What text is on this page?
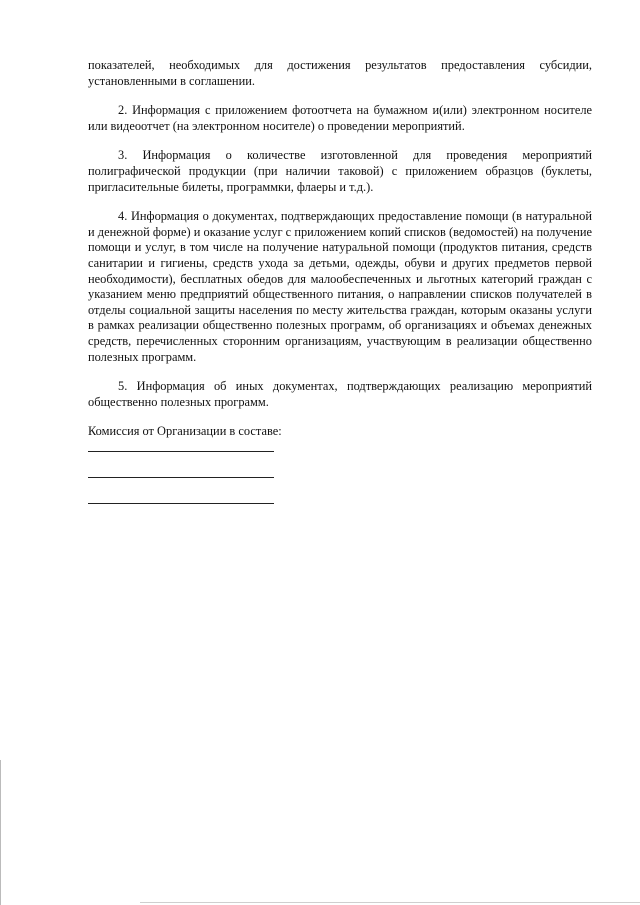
показателей, необходимых для достижения результатов предоставления субсидии, установленными в соглашении.

2. Информация с приложением фотоотчета на бумажном и(или) электронном носителе или видеоотчет (на электронном носителе) о проведении мероприятий.

3. Информация о количестве изготовленной для проведения мероприятий полиграфической продукции (при наличии таковой) с приложением образцов (буклеты, пригласительные билеты, программки, флаеры и т.д.).

4. Информация о документах, подтверждающих предоставление помощи (в натуральной и денежной форме) и оказание услуг с приложением копий списков (ведомостей) на получение помощи и услуг, в том числе на получение натуральной помощи (продуктов питания, средств санитарии и гигиены, средств ухода за детьми, одежды, обуви и других предметов первой необходимости), бесплатных обедов для малообеспеченных и льготных категорий граждан с указанием меню предприятий общественного питания, о направлении списков получателей в отделы социальной защиты населения по месту жительства граждан, которым оказаны услуги в рамках реализации общественно полезных программ, об организациях и объемах денежных средств, перечисленных сторонним организациям, участвующим в реализации общественно полезных программ.

5. Информация об иных документах, подтверждающих реализацию мероприятий общественно полезных программ.

Комиссия от Организации в составе:
